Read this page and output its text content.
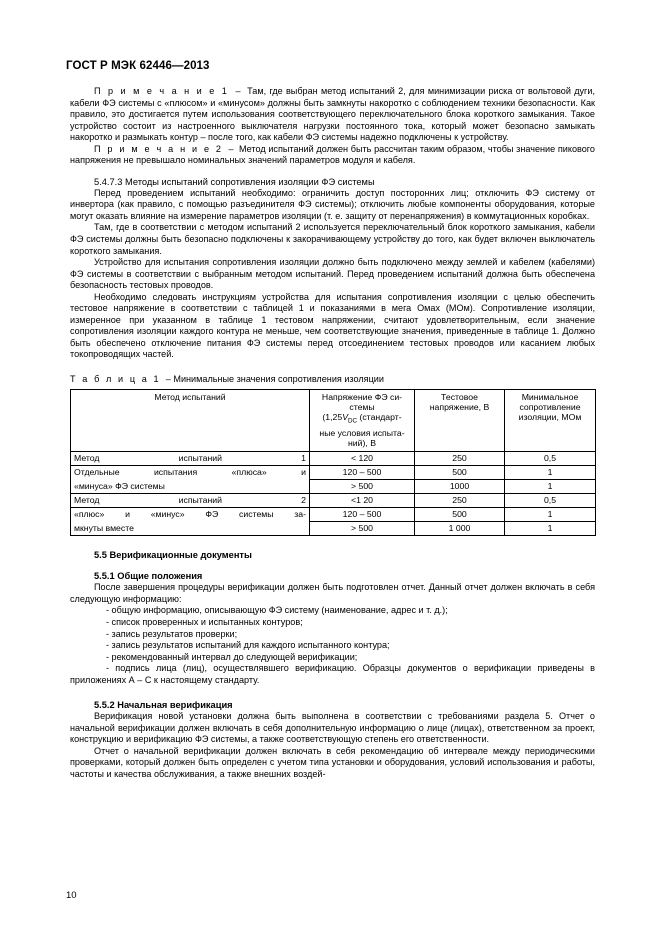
ГОСТ Р МЭК 62446—2013

П р и м е ч а н и е 1 – Там, где выбран метод испытаний 2, для минимизации риска от вольтовой дуги, кабели ФЭ системы с «плюсом» и «минусом» должны быть замкнуты накоротко с соблюдением техники безопасности. Как правило, это достигается путем использования соответствующего переключательного блока короткого замыкания. Такое устройство состоит из настроенного выключателя нагрузки постоянного тока, который может безопасно замыкать накоротко и размыкать контур – после того, как кабели ФЭ системы надежно подключены к устройству.

П р и м е ч а н и е 2 – Метод испытаний должен быть рассчитан таким образом, чтобы значение пикового напряжения не превышало номинальных значений параметров модуля и кабеля.

5.4.7.3 Методы испытаний сопротивления изоляции ФЭ системы

Перед проведением испытаний необходимо: ограничить доступ посторонних лиц; отключить ФЭ систему от инвертора (как правило, с помощью разъединителя ФЭ системы); отключить любые компоненты оборудования, которые могут оказать влияние на измерение параметров изоляции (т. е. защиту от перенапряжения) в коммутационных коробках.

Там, где в соответствии с методом испытаний 2 используется переключательный блок короткого замыкания, кабели ФЭ системы должны быть безопасно подключены к закорачивающему устройству до того, как будет включен выключатель короткого замыкания.

Устройство для испытания сопротивления изоляции должно быть подключено между землей и кабелем (кабелями) ФЭ системы в соответствии с выбранным методом испытаний. Перед проведением испытаний должна быть обеспечена безопасность тестовых проводов.

Необходимо следовать инструкциям устройства для испытания сопротивления изоляции с целью обеспечить тестовое напряжение в соответствии с таблицей 1 и показаниями в мега Омах (МОм). Сопротивление изоляции, измеренное при указанном в таблице 1 тестовом напряжении, считают удовлетворительным, если значение сопротивления изоляции каждого контура не меньше, чем соответствующие значения, приведенные в таблице 1. Должно быть обеспечено отключение питания ФЭ системы перед отсоединением тестовых проводов или касанием любых токопроводящих частей.

Т а б л и ц а 1 – Минимальные значения сопротивления изоляции

Метод испытаний	Напряжение ФЭ си-
стемы
($1,25V_{DC}$ (стандарт-
ные условия испыта-
ний), В	Тестовое напряжение, В	Минимальное сопротивление изоляции, МОм
Метод испытаний 1	< 120	250	0,5
Отдельные испытания «плюса» и	120 – 500	500	1
«минуса» ФЭ системы	> 500	1000	1
Метод испытаний 2	<1 20	250	0,5
«плюс» и «минус» ФЭ системы за-	120 – 500	500	1
мкнуты вместе	> 500	1 000	1
5.5 Верификационные документы
5.5.1 Общие положения

После завершения процедуры верификации должен быть подготовлен отчет. Данный отчет должен включать в себя следующую информацию:

- общую информацию, описывающую ФЭ систему (наименование, адрес и т. д.);

- список проверенных и испытанных контуров;

- запись результатов проверки;

- запись результатов испытаний для каждого испытанного контура;

- рекомендованный интервал до следующей верификации;

- подпись лица (лиц), осуществлявшего верификацию. Образцы документов о верификации приведены в приложениях А – С к настоящему стандарту.

5.5.2 Начальная верификация

Верификация новой установки должна быть выполнена в соответствии с требованиями раздела 5. Отчет о начальной верификации должен включать в себя дополнительную информацию о лице (лицах), ответственном за проект, конструкцию и верификацию ФЭ системы, а также соответствующую степень его ответственности.

Отчет о начальной верификации должен включать в себя рекомендацию об интервале между периодическими проверками, который должен быть определен с учетом типа установки и оборудования, условий использования и работы, частоты и качества обслуживания, а также внешних воздей-

10
